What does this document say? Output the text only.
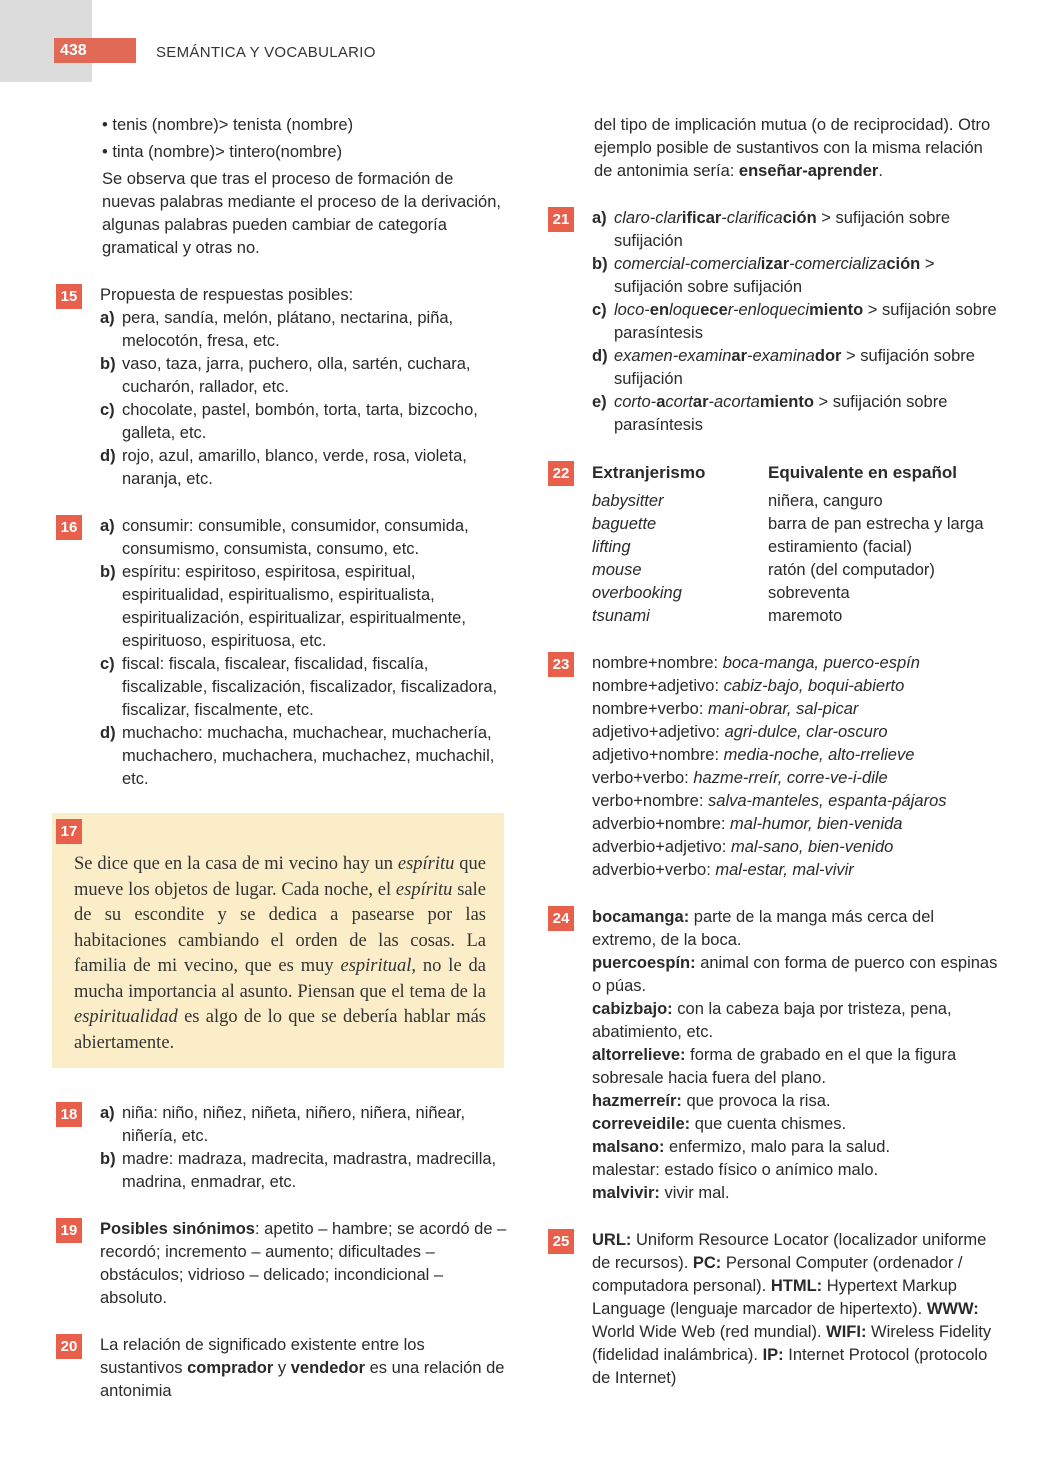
438	SEMÁNTICA Y VOCABULARIO

• tenis (nombre)> tenista (nombre)

• tinta (nombre)> tintero(nombre)

Se observa que tras el proceso de formación de nuevas palabras mediante el proceso de la derivación, algunas palabras pueden cambiar de categoría gramatical y otras no.

15 Propuesta de respuestas posibles:

a) pera, sandía, melón, plátano, nectarina, piña, melocotón, fresa, etc.
b) vaso, taza, jarra, puchero, olla, sartén, cuchara, cucharón, rallador, etc.
c) chocolate, pastel, bombón, torta, tarta, bizcocho, galleta, etc.
d) rojo, azul, amarillo, blanco, verde, rosa, violeta, naranja, etc.
16 a) consumir: consumible, consumidor, consumida, consumismo, consumista, consumo, etc.
b) espíritu: espiritoso, espiritosa, espiritual, espiritualidad, espiritualismo, espiritualista, espiritualización, espiritualizar, espiritualmente, espirituoso, espirituosa, etc.
c) fiscal: fiscala, fiscalear, fiscalidad, fiscalía, fiscalizable, fiscalización, fiscalizador, fiscalizadora, fiscalizar, fiscalmente, etc.
d) muchacho: muchacha, muchachear, muchachería, muchachero, muchachera, muchachez, muchachil, etc.
17
Se dice que en la casa de mi vecino hay un espíritu que mueve los objetos de lugar. Cada noche, el espíritu sale de su escondite y se dedica a pasearse por las habitaciones cambiando el orden de las cosas. La familia de mi vecino, que es muy espiritual, no le da mucha importancia al asunto. Piensan que el tema de la espiritualidad es algo de lo que se debería hablar más abiertamente.
18 a) niña: niño, niñez, niñeta, niñero, niñera, niñear, niñería, etc.
b) madre: madraza, madrecita, madrastra, madrecilla, madrina, enmadrar, etc.
19 Posibles sinónimos: apetito – hambre; se acordó de – recordó; incremento – aumento; dificultades – obstáculos; vidrioso – delicado; incondicional – absoluto.

20 La relación de significado existente entre los sustantivos comprador y vendedor es una relación de antonimia

del tipo de implicación mutua (o de reciprocidad). Otro ejemplo posible de sustantivos con la misma relación de antonimia sería: enseñar-aprender.

21 a) claro-clarificar-clarificación > sufijación sobre sufijación
b) comercial-comercializar-comercialización > sufijación sobre sufijación
c) loco-enloquecer-enloquecimiento > sufijación sobre parasíntesis
d) examen-examinar-examinador > sufijación sobre sufijación
e) corto-acortar-acortamiento > sufijación sobre parasíntesis
22 Extranjerismo	Equivalente en español
babysitter	niñera, canguro
baguette	barra de pan estrecha y larga
lifting	estiramiento (facial)
mouse	ratón (del computador)
overbooking	sobreventa
tsunami	maremoto
23 nombre+nombre: boca-manga, puerco-espín
nombre+adjetivo: cabiz-bajo, boqui-abierto
nombre+verbo: mani-obrar, sal-picar
adjetivo+adjetivo: agri-dulce, clar-oscuro
adjetivo+nombre: media-noche, alto-rrelieve
verbo+verbo: hazme-rreír, corre-ve-i-dile
verbo+nombre: salva-manteles, espanta-pájaros
adverbio+nombre: mal-humor, bien-venida
adverbio+adjetivo: mal-sano, bien-venido
adverbio+verbo: mal-estar, mal-vivir
24 bocamanga: parte de la manga más cerca del extremo, de la boca.
puercoespín: animal con forma de puerco con espinas o púas.
cabizbajo: con la cabeza baja por tristeza, pena, abatimiento, etc.
altorrelieve: forma de grabado en el que la figura sobresale hacia fuera del plano.
hazmerreír: que provoca la risa.
correveidile: que cuenta chismes.
malsano: enfermizo, malo para la salud.
malestar: estado físico o anímico malo.
malvivir: vivir mal.
25 URL: Uniform Resource Locator (localizador uniforme de recursos). PC: Personal Computer (ordenador / computadora personal). HTML: Hypertext Markup Language (lenguaje marcador de hipertexto). WWW: World Wide Web (red mundial). WIFI: Wireless Fidelity (fidelidad inalámbrica). IP: Internet Protocol (protocolo de Internet)
